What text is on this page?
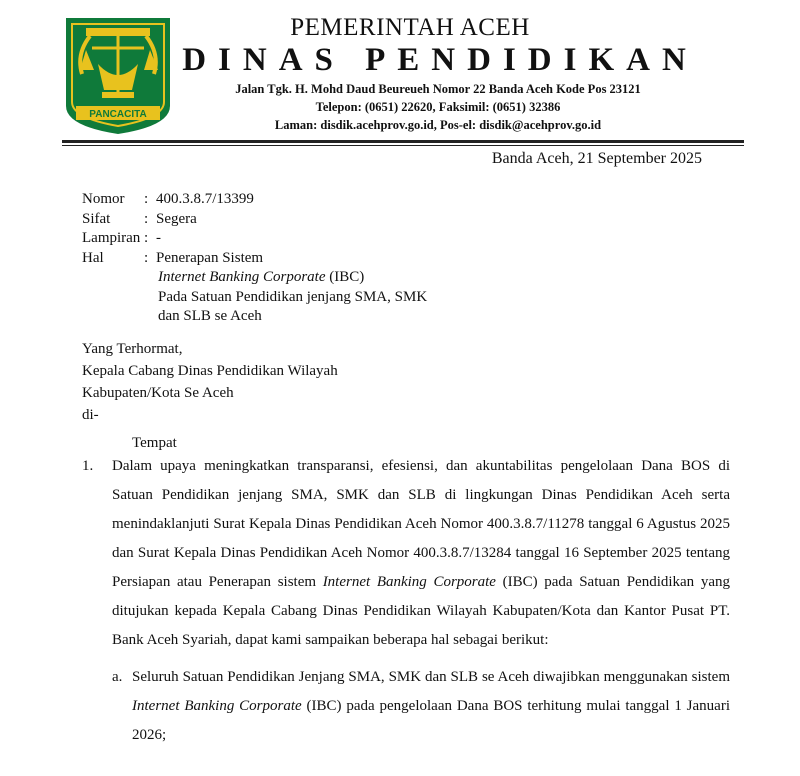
PANCACITA
PEMERINTAH ACEH
DINAS PENDIDIKAN
Jalan Tgk. H. Mohd Daud Beureueh Nomor 22 Banda Aceh Kode Pos 23121
Telepon: (0651) 22620, Faksimil: (0651) 32386
Laman: disdik.acehprov.go.id, Pos-el: disdik@acehprov.go.id
Banda Aceh, 21 September 2025
Nomor	: 400.3.8.7/13399
Sifat	: Segera
Lampiran : -
Hal	: Penerapan Sistem
Internet Banking Corporate (IBC)
Pada Satuan Pendidikan jenjang SMA, SMK
dan SLB se Aceh
Yang Terhormat,
Kepala Cabang Dinas Pendidikan Wilayah
Kabupaten/Kota Se Aceh
di-
Tempat
1.	Dalam upaya meningkatkan transparansi, efesiensi, dan akuntabilitas pengelolaan Dana BOS di Satuan Pendidikan jenjang SMA, SMK dan SLB di lingkungan Dinas Pendidikan Aceh serta menindaklanjuti Surat Kepala Dinas Pendidikan Aceh Nomor 400.3.8.7/11278 tanggal 6 Agustus 2025 dan Surat Kepala Dinas Pendidikan Aceh Nomor 400.3.8.7/13284 tanggal 16 September 2025 tentang Persiapan atau Penerapan sistem Internet Banking Corporate (IBC) pada Satuan Pendidikan yang ditujukan kepada Kepala Cabang Dinas Pendidikan Wilayah Kabupaten/Kota dan Kantor Pusat PT. Bank Aceh Syariah, dapat kami sampaikan beberapa hal sebagai berikut:
a. Seluruh Satuan Pendidikan Jenjang SMA, SMK dan SLB se Aceh diwajibkan menggunakan sistem Internet Banking Corporate (IBC) pada pengelolaan Dana BOS terhitung mulai tanggal 1 Januari 2026;
